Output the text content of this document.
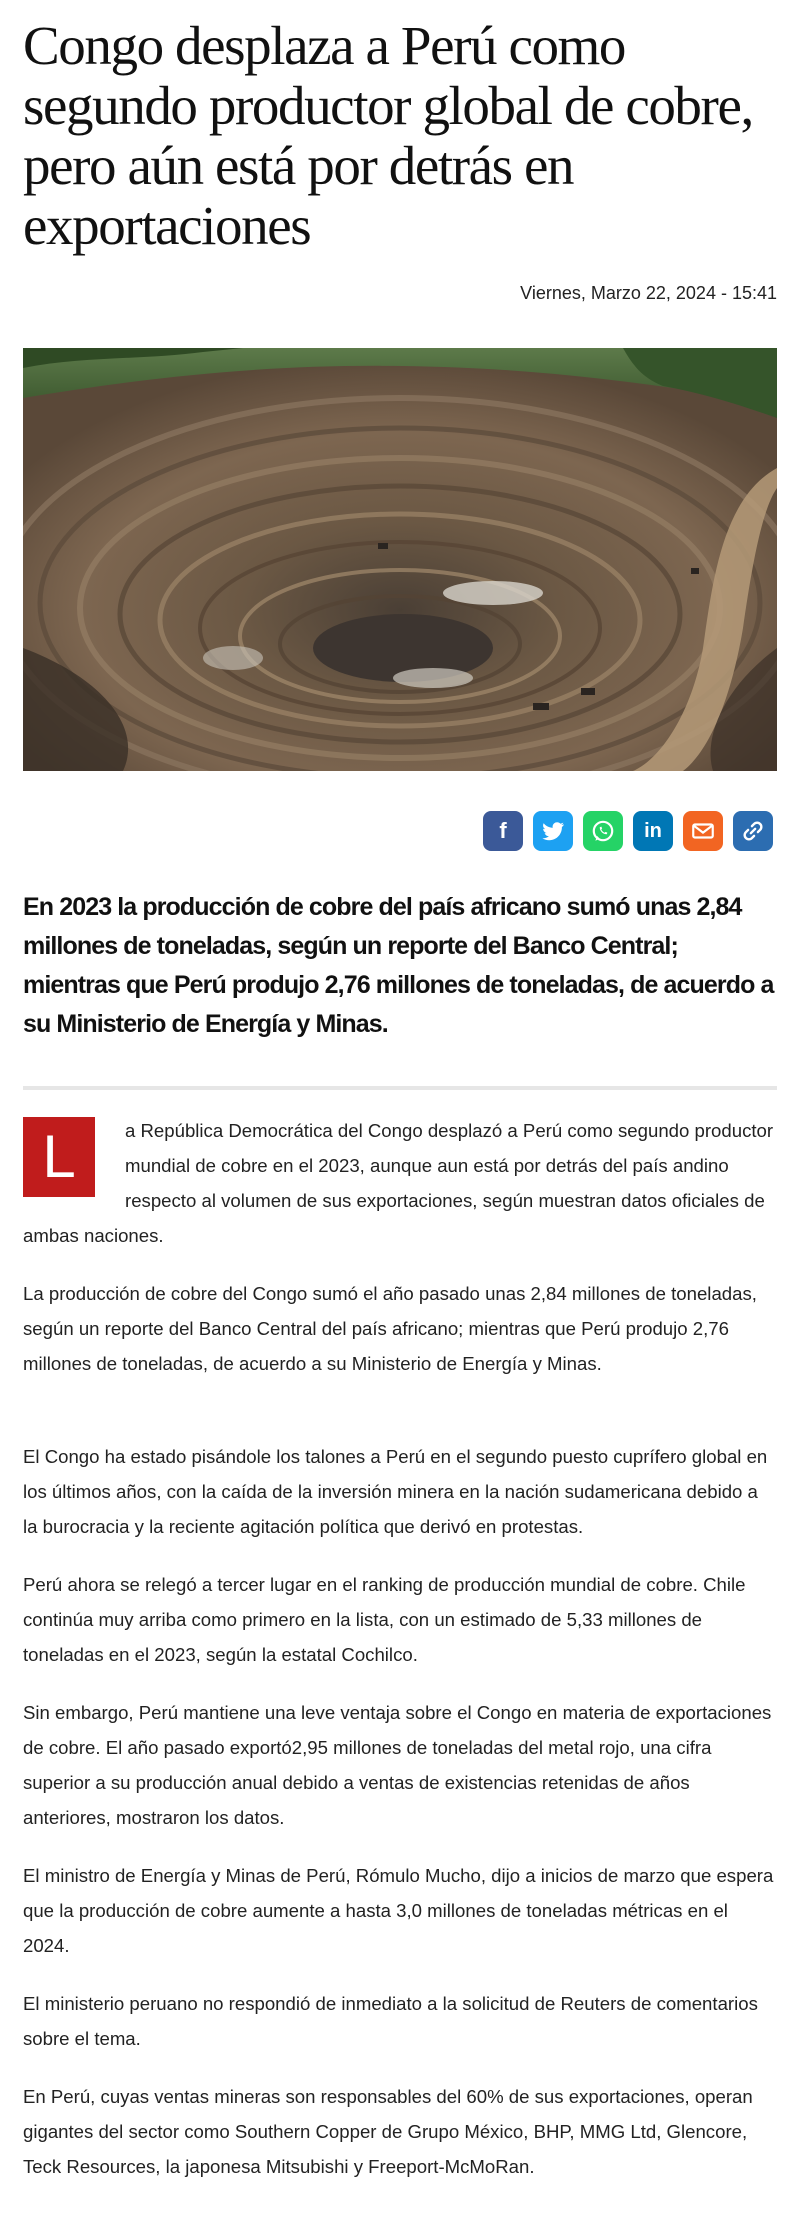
Congo desplaza a Perú como segundo productor global de cobre, pero aún está por detrás en exportaciones
Viernes, Marzo 22, 2024 - 15:41
f	in
En 2023 la producción de cobre del país africano sumó unas 2,84 millones de toneladas, según un reporte del Banco Central; mientras que Perú produjo 2,76 millones de toneladas, de acuerdo a su Ministerio de Energía y Minas.

L	a República Democrática del Congo desplazó a Perú como segundo productor mundial de cobre en el 2023, aunque aun está por detrás del país andino respecto al volumen de sus exportaciones, según muestran datos oficiales de ambas naciones.

La producción de cobre del Congo sumó el año pasado unas 2,84 millones de toneladas, según un reporte del Banco Central del país africano; mientras que Perú produjo 2,76 millones de toneladas, de acuerdo a su Ministerio de Energía y Minas.

El Congo ha estado pisándole los talones a Perú en el segundo puesto cuprífero global en los últimos años, con la caída de la inversión minera en la nación sudamericana debido a la burocracia y la reciente agitación política que derivó en protestas.

Perú ahora se relegó a tercer lugar en el ranking de producción mundial de cobre. Chile continúa muy arriba como primero en la lista, con un estimado de 5,33 millones de toneladas en el 2023, según la estatal Cochilco.

Sin embargo, Perú mantiene una leve ventaja sobre el Congo en materia de exportaciones de cobre. El año pasado exportó2,95 millones de toneladas del metal rojo, una cifra superior a su producción anual debido a ventas de existencias retenidas de años anteriores, mostraron los datos.

El ministro de Energía y Minas de Perú, Rómulo Mucho, dijo a inicios de marzo que espera que la producción de cobre aumente a hasta 3,0 millones de toneladas métricas en el 2024.

El ministerio peruano no respondió de inmediato a la solicitud de Reuters de comentarios sobre el tema.

En Perú, cuyas ventas mineras son responsables del 60% de sus exportaciones, operan gigantes del sector como Southern Copper de Grupo México, BHP, MMG Ltd, Glencore, Teck Resources, la japonesa Mitsubishi y Freeport-McMoRan.
